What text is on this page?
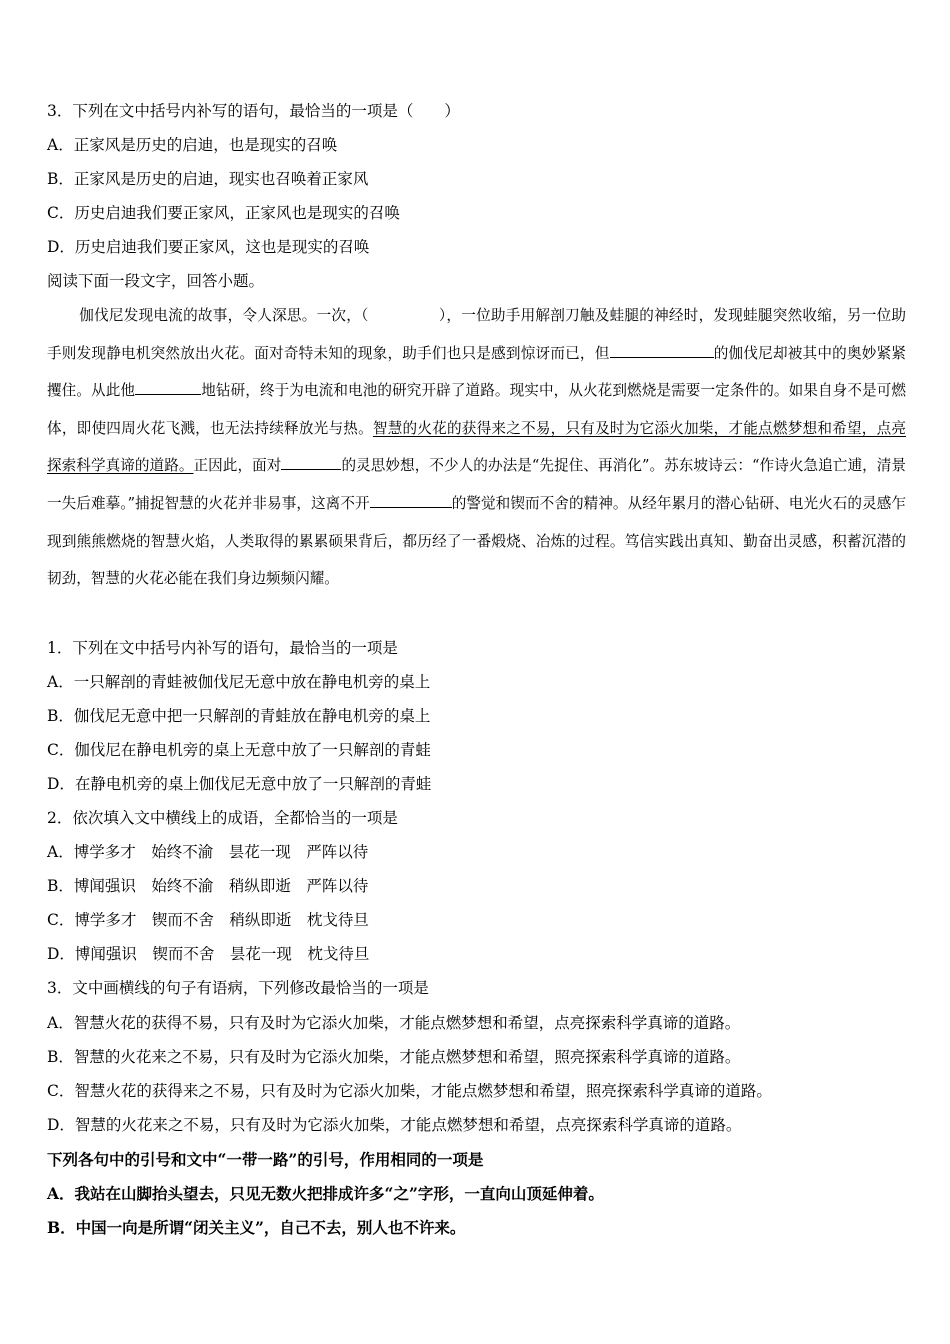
3．下列在文中括号内补写的语句，最恰当的一项是（　　）
A．正家风是历史的启迪，也是现实的召唤
B．正家风是历史的启迪，现实也召唤着正家风
C．历史启迪我们要正家风，正家风也是现实的召唤
D．历史启迪我们要正家风，这也是现实的召唤
阅读下面一段文字，回答小题。
伽伐尼发现电流的故事，令人深思。一次，（	），一位助手用解剖刀触及蛙腿的神经时，发现蛙腿突然收缩，另一位助手则发现静电机突然放出火花。面对奇特未知的现象，助手们也只是感到惊讶而已，但	的伽伐尼却被其中的奥妙紧紧攫住。从此他	地钻研，终于为电流和电池的研究开辟了道路。现实中，从火花到燃烧是需要一定条件的。如果自身不是可燃体，即使四周火花飞溅，也无法持续释放光与热。智慧的火花的获得来之不易，只有及时为它添火加柴，才能点燃梦想和希望，点亮探索科学真谛的道路。正因此，面对	的灵思妙想，不少人的办法是“先捉住、再消化”。苏东坡诗云：“作诗火急追亡逋，清景一失后难摹。”捕捉智慧的火花并非易事，这离不开	的警觉和锲而不舍的精神。从经年累月的潜心钻研、电光火石的灵感乍现到熊熊燃烧的智慧火焰，人类取得的累累硕果背后，都历经了一番煅烧、冶炼的过程。笃信实践出真知、勤奋出灵感，积蓄沉潜的韧劲，智慧的火花必能在我们身边频频闪耀。
1．下列在文中括号内补写的语句，最恰当的一项是
A．一只解剖的青蛙被伽伐尼无意中放在静电机旁的桌上
B．伽伐尼无意中把一只解剖的青蛙放在静电机旁的桌上
C．伽伐尼在静电机旁的桌上无意中放了一只解剖的青蛙
D．在静电机旁的桌上伽伐尼无意中放了一只解剖的青蛙
2．依次填入文中横线上的成语，全都恰当的一项是
A．博学多才　始终不渝　昙花一现　严阵以待
B．博闻强识　始终不渝　稍纵即逝　严阵以待
C．博学多才　锲而不舍　稍纵即逝　枕戈待旦
D．博闻强识　锲而不舍　昙花一现　枕戈待旦
3．文中画横线的句子有语病，下列修改最恰当的一项是
A．智慧火花的获得不易，只有及时为它添火加柴，才能点燃梦想和希望，点亮探索科学真谛的道路。
B．智慧的火花来之不易，只有及时为它添火加柴，才能点燃梦想和希望，照亮探索科学真谛的道路。
C．智慧火花的获得来之不易，只有及时为它添火加柴，才能点燃梦想和希望，照亮探索科学真谛的道路。
D．智慧的火花来之不易，只有及时为它添火加柴，才能点燃梦想和希望，点亮探索科学真谛的道路。
下列各句中的引号和文中“一带一路”的引号，作用相同的一项是
A．我站在山脚抬头望去，只见无数火把排成许多“之”字形，一直向山顶延伸着。
B．中国一向是所谓“闭关主义”，自己不去，别人也不许来。
